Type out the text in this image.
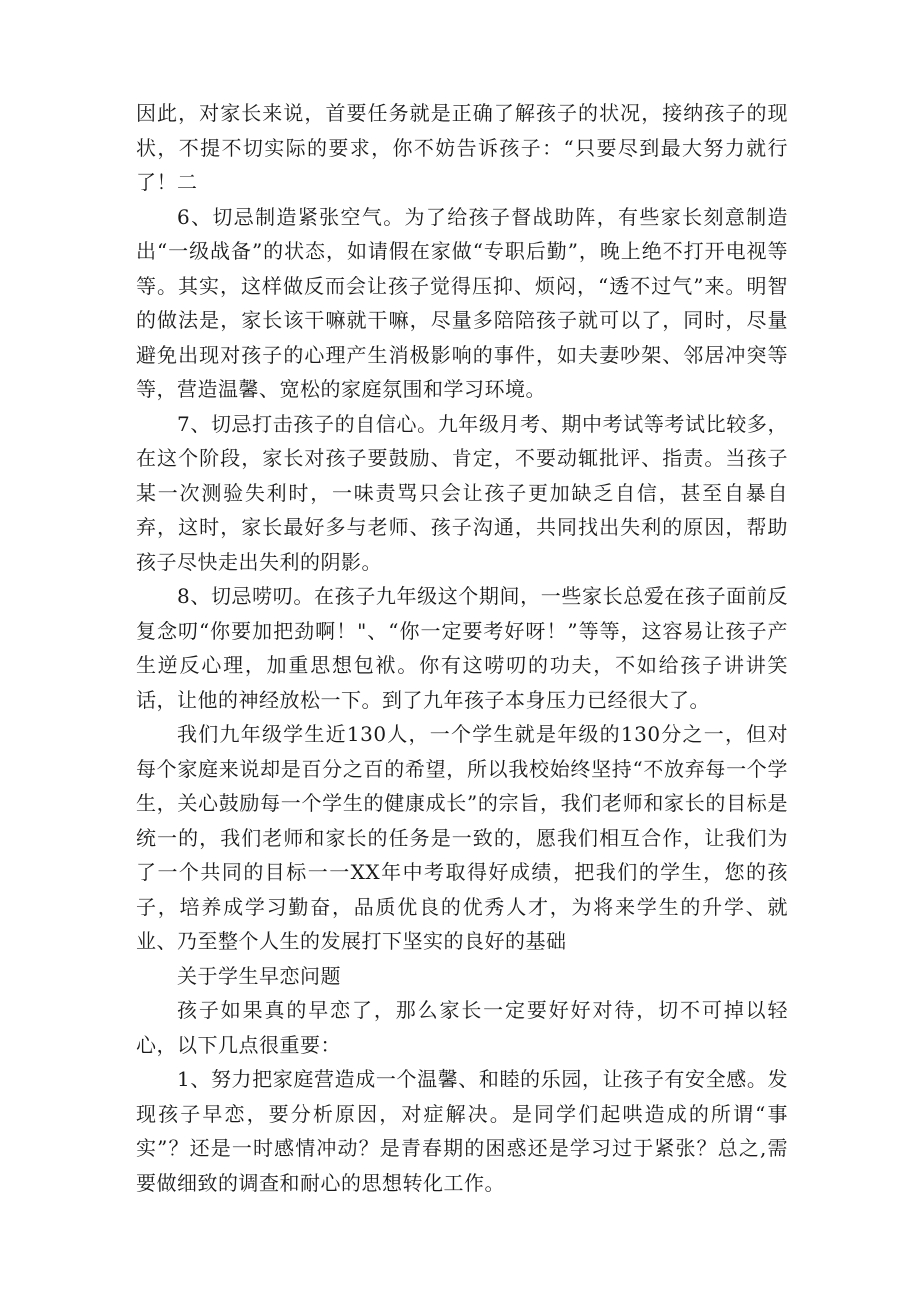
因此，对家长来说，首要任务就是正确了解孩子的状况，接纳孩子的现状，不提不切实际的要求，你不妨告诉孩子：“只要尽到最大努力就行了！二

6、切忌制造紧张空气。为了给孩子督战助阵，有些家长刻意制造出“一级战备”的状态，如请假在家做“专职后勤”，晚上绝不打开电视等等。其实，这样做反而会让孩子觉得压抑、烦闷，“透不过气”来。明智的做法是，家长该干嘛就干嘛，尽量多陪陪孩子就可以了，同时，尽量避免出现对孩子的心理产生消极影响的事件，如夫妻吵架、邻居冲突等等，营造温馨、宽松的家庭氛围和学习环境。

7、切忌打击孩子的自信心。九年级月考、期中考试等考试比较多，在这个阶段，家长对孩子要鼓励、肯定，不要动辄批评、指责。当孩子某一次测验失利时，一味责骂只会让孩子更加缺乏自信，甚至自暴自弃，这时，家长最好多与老师、孩子沟通，共同找出失利的原因，帮助孩子尽快走出失利的阴影。

8、切忌唠叨。在孩子九年级这个期间，一些家长总爱在孩子面前反复念叨“你要加把劲啊！"、“你一定要考好呀！”等等，这容易让孩子产生逆反心理，加重思想包袱。你有这唠叨的功夫，不如给孩子讲讲笑话，让他的神经放松一下。到了九年孩子本身压力已经很大了。

我们九年级学生近130人，一个学生就是年级的130分之一，但对每个家庭来说却是百分之百的希望，所以我校始终坚持“不放弃每一个学生，关心鼓励每一个学生的健康成长”的宗旨，我们老师和家长的目标是统一的，我们老师和家长的任务是一致的，愿我们相互合作，让我们为了一个共同的目标一一XX年中考取得好成绩，把我们的学生，您的孩子，培养成学习勤奋，品质优良的优秀人才，为将来学生的升学、就业、乃至整个人生的发展打下坚实的良好的基础

关于学生早恋问题

孩子如果真的早恋了，那么家长一定要好好对待，切不可掉以轻心，以下几点很重要：

1、努力把家庭营造成一个温馨、和睦的乐园，让孩子有安全感。发现孩子早恋，要分析原因，对症解决。是同学们起哄造成的所谓“事实”？还是一时感情冲动？是青春期的困惑还是学习过于紧张？总之,需要做细致的调查和耐心的思想转化工作。
